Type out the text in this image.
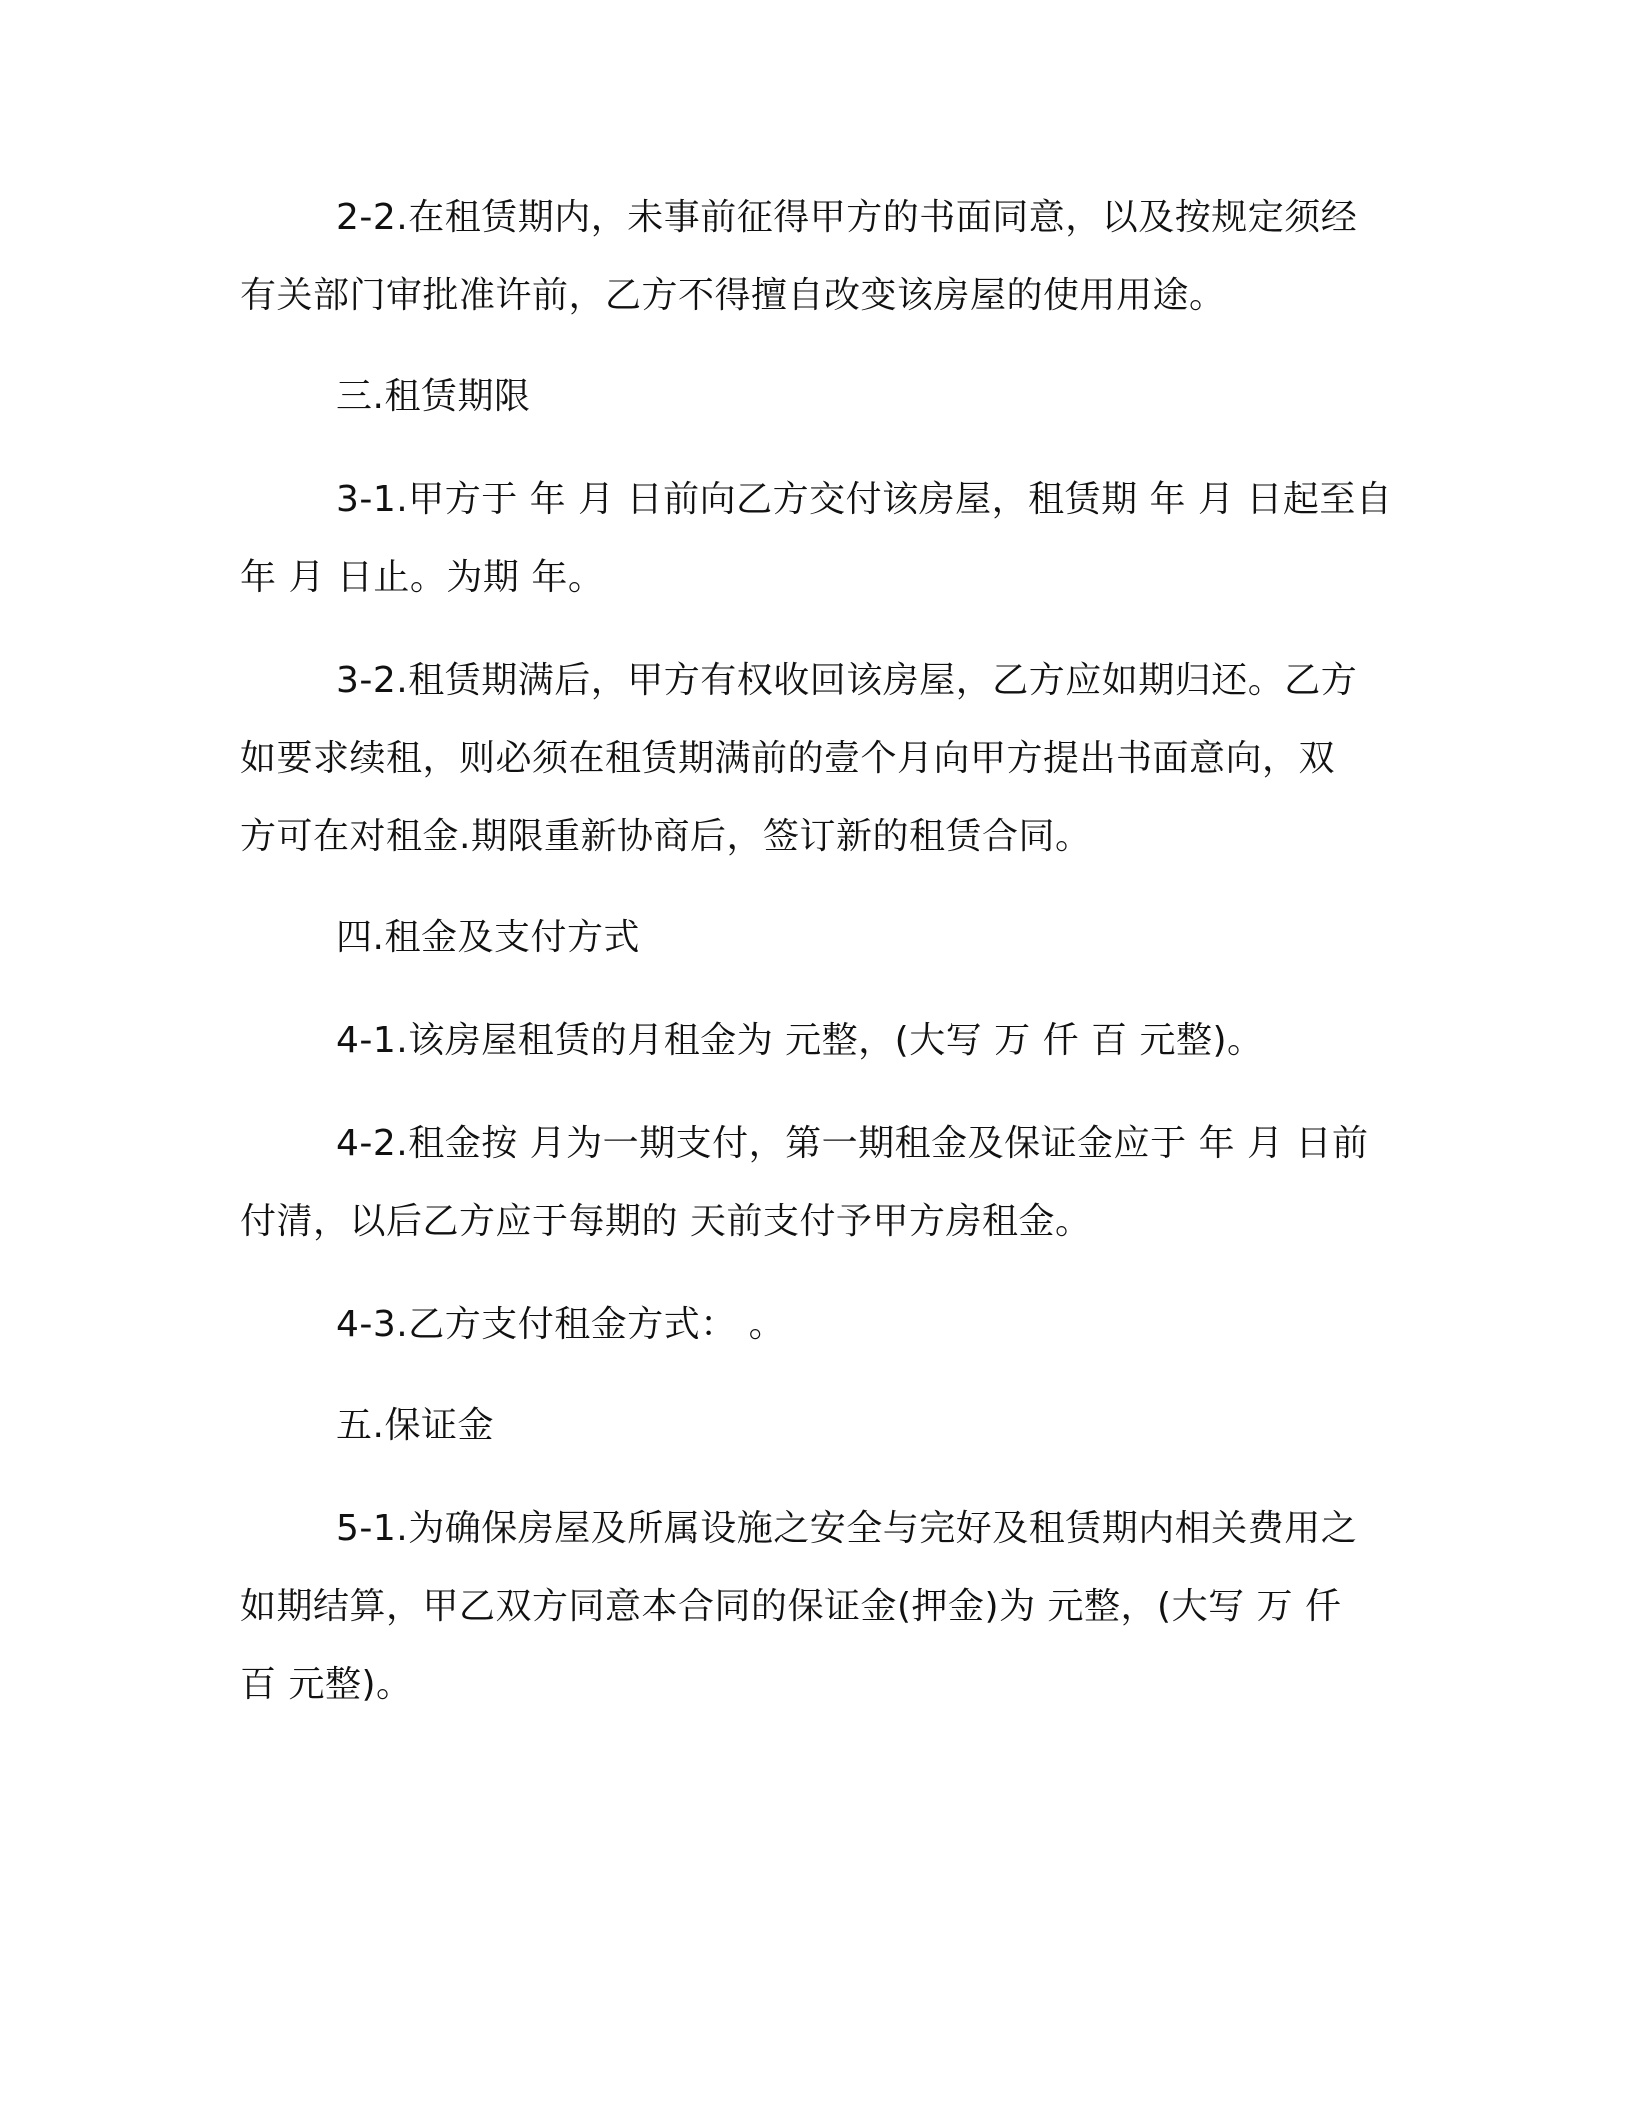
2-2.在租赁期内，未事前征得甲方的书面同意，以及按规定须经

有关部门审批准许前，乙方不得擅自改变该房屋的使用用途。

三.租赁期限

3-1.甲方于 年 月 日前向乙方交付该房屋，租赁期 年 月 日起至自

年 月 日止。为期 年。

3-2.租赁期满后，甲方有权收回该房屋，乙方应如期归还。乙方

如要求续租，则必须在租赁期满前的壹个月向甲方提出书面意向，双

方可在对租金.期限重新协商后，签订新的租赁合同。

四.租金及支付方式

4-1.该房屋租赁的月租金为 元整，(大写 万 仟 百 元整)。

4-2.租金按 月为一期支付，第一期租金及保证金应于 年 月 日前

付清，以后乙方应于每期的 天前支付予甲方房租金。

4-3.乙方支付租金方式： 。

五.保证金

5-1.为确保房屋及所属设施之安全与完好及租赁期内相关费用之

如期结算，甲乙双方同意本合同的保证金(押金)为 元整，(大写 万 仟

百 元整)。
